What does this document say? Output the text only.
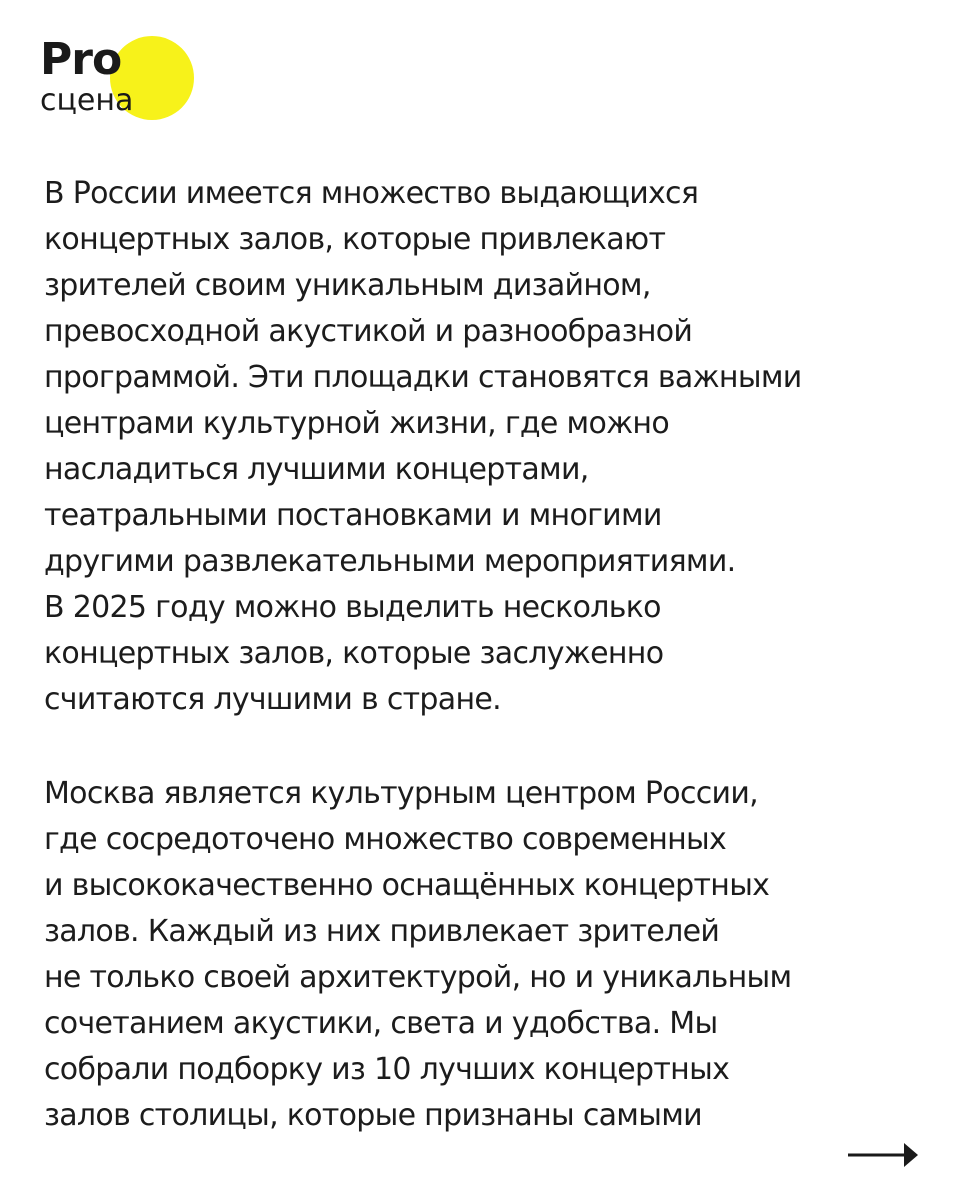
Pro
сцена
В России имеется множество выдающихся
концертных залов, которые привлекают
зрителей своим уникальным дизайном,
превосходной акустикой и разнообразной
программой. Эти площадки становятся важными
центрами культурной жизни, где можно
насладиться лучшими концертами,
театральными постановками и многими
другими развлекательными мероприятиями.
В 2025 году можно выделить несколько
концертных залов, которые заслуженно
считаются лучшими в стране.
Москва является культурным центром России,
где сосредоточено множество современных
и высококачественно оснащённых концертных
залов. Каждый из них привлекает зрителей
не только своей архитектурой, но и уникальным
сочетанием акустики, света и удобства. Мы
собрали подборку из 10 лучших концертных
залов столицы, которые признаны самыми
